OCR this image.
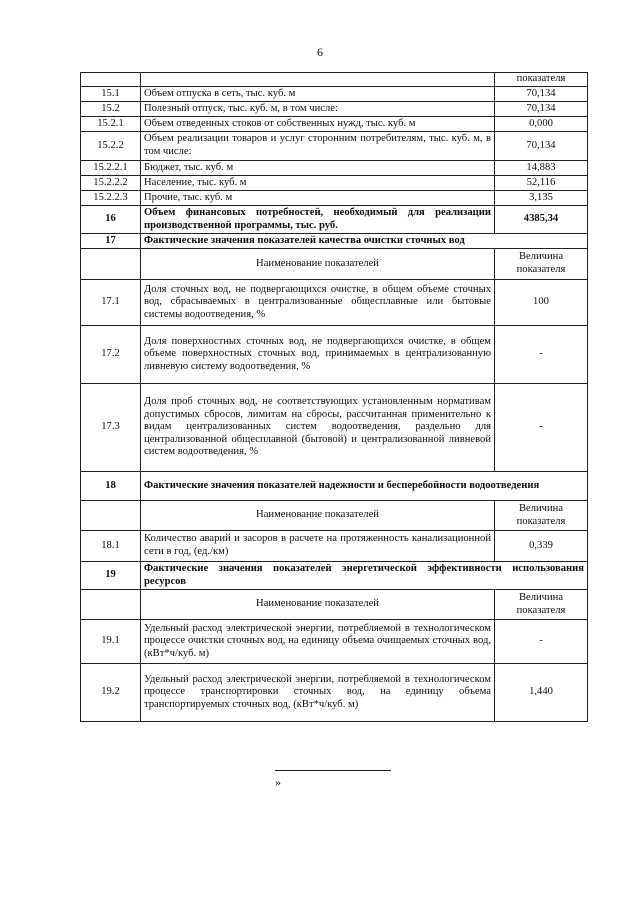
6
		показателя
15.1	Объем отпуска в сеть, тыс. куб. м	70,134
15.2	Полезный отпуск, тыс. куб. м, в том числе:	70,134
15.2.1	Объем отведенных стоков от собственных нужд, тыс. куб. м	0,000
15.2.2	Объем реализации товаров и услуг сторонним потребителям, тыс. куб. м, в том числе:	70,134
15.2.2.1	Бюджет, тыс. куб. м	14,883
15.2.2.2	Население, тыс. куб. м	52,116
15.2.2.3	Прочие, тыс. куб. м	3,135
16	Объем финансовых потребностей, необходимый для реализации производственной программы, тыс. руб.	4385,34
17	Фактические значения показателей качества очистки сточных вод	
	Наименование показателей	Величина показателя
17.1	Доля сточных вод, не подвергающихся очистке, в общем объеме сточных вод, сбрасываемых в централизованные общесплавные или бытовые системы водоотведения, %	100
17.2	Доля поверхностных сточных вод, не подвергающихся очистке, в общем объеме поверхностных сточных вод, принимаемых в централизованную ливневую систему водоотведения, %	-
17.3	Доля проб сточных вод, не соответствующих установленным нормативам допустимых сбросов, лимитам на сбросы, рассчитанная применительно к видам централизованных систем водоотведения, раздельно для централизованной общесплавной (бытовой) и централизованной ливневой систем водоотведения, %	-
18	Фактические значения показателей надежности и бесперебойности водоотведения	
	Наименование показателей	Величина показателя
18.1	Количество аварий и засоров в расчете на протяженность канализационной сети в год, (ед./км)	0,339
19	Фактические значения показателей энергетической эффективности использования ресурсов	
	Наименование показателей	Величина показателя
19.1	Удельный расход электрической энергии, потребляемой в технологическом процессе очистки сточных вод, на единицу объема очищаемых сточных вод, (кВт*ч/куб. м)	-
19.2	Удельный расход электрической энергии, потребляемой в технологическом процессе транспортировки сточных вод, на единицу объема транспортируемых сточных вод, (кВт*ч/куб. м)	1,440
»
